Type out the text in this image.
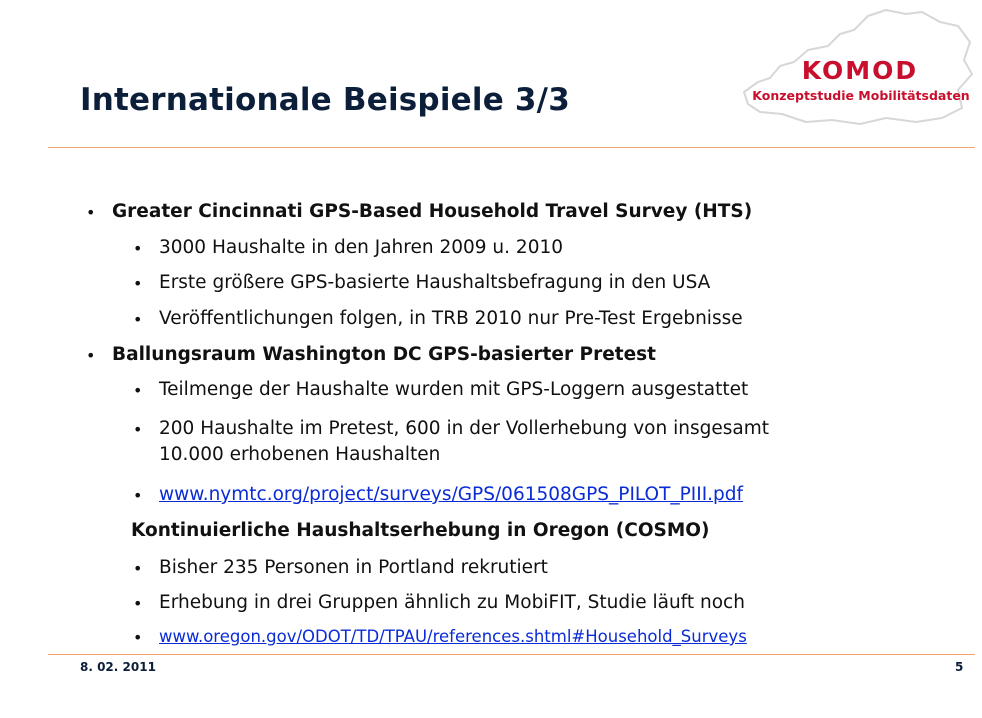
Internationale Beispiele 3/3
KOMOD
Konzeptstudie Mobilitätsdaten
• Greater Cincinnati GPS-Based Household Travel Survey (HTS)
• 3000 Haushalte in den Jahren 2009 u. 2010
• Erste größere GPS-basierte Haushaltsbefragung in den USA
• Veröffentlichungen folgen, in TRB 2010 nur Pre-Test Ergebnisse
• Ballungsraum Washington DC GPS-basierter Pretest
• Teilmenge der Haushalte wurden mit GPS-Loggern ausgestattet
• 200 Haushalte im Pretest, 600 in der Vollerhebung von insgesamt
10.000 erhobenen Haushalten
• www.nymtc.org/project/surveys/GPS/061508GPS_PILOT_PIII.pdf
Kontinuierliche Haushaltserhebung in Oregon (COSMO)
• Bisher 235 Personen in Portland rekrutiert
• Erhebung in drei Gruppen ähnlich zu MobiFIT, Studie läuft noch
• www.oregon.gov/ODOT/TD/TPAU/references.shtml#Household_Surveys
8. 02. 2011	5
